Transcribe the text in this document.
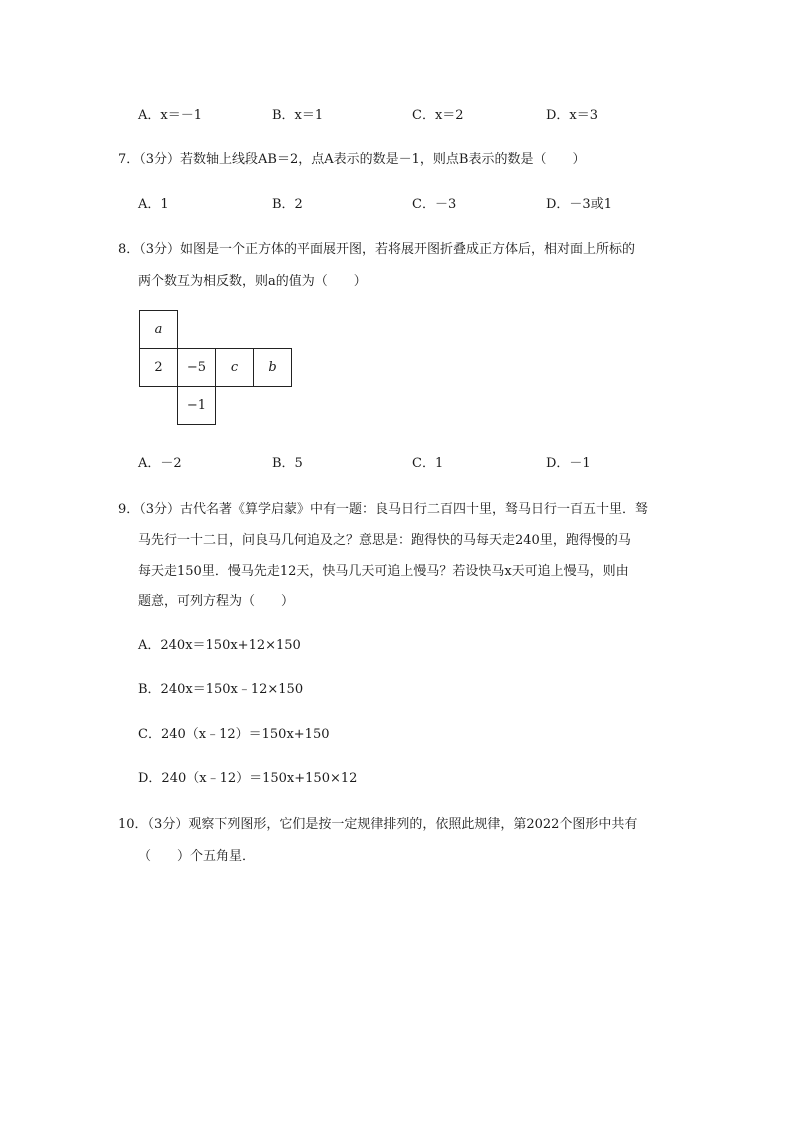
A．x＝－1	B．x＝1	C．x＝2	D．x＝3
7．（3分）若数轴上线段AB＝2，点A表示的数是－1，则点B表示的数是（　　）
A．1	B．2	C．－3	D．－3或1
8．（3分）如图是一个正方体的平面展开图，若将展开图折叠成正方体后，相对面上所标的
两个数互为相反数，则a的值为（　　）
a
2	−5	c	b
−1
A．－2	B．5	C．1	D．－1
9．（3分）古代名著《算学启蒙》中有一题：良马日行二百四十里，驽马日行一百五十里．驽
马先行一十二日，问良马几何追及之？意思是：跑得快的马每天走240里，跑得慢的马
每天走150里．慢马先走12天，快马几天可追上慢马？若设快马x天可追上慢马，则由
题意，可列方程为（　　）
A．240x＝150x+12×150
B．240x＝150x﹣12×150
C．240（x﹣12）＝150x+150
D．240（x﹣12）＝150x+150×12
10．（3分）观察下列图形，它们是按一定规律排列的，依照此规律，第2022个图形中共有
（　　）个五角星．
